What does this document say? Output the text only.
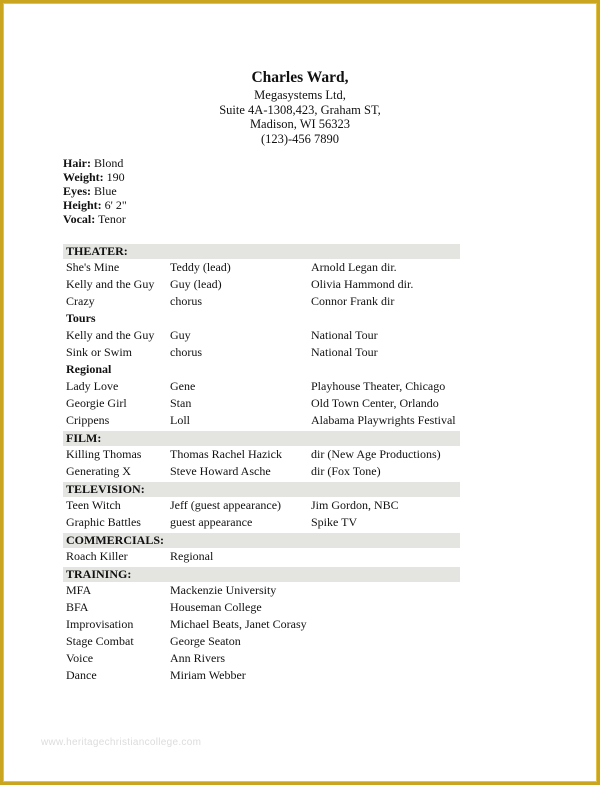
Charles Ward,
Megasystems Ltd,
Suite 4A-1308,423, Graham ST,
Madison, WI 56323
(123)-456 7890
Hair: Blond
Weight: 190
Eyes: Blue
Height: 6' 2"
Vocal: Tenor
THEATER:
She's Mine	Teddy (lead)	Arnold Legan dir.
Kelly and the Guy	Guy (lead)	Olivia Hammond dir.
Crazy	chorus	Connor Frank dir
Tours
Kelly and the Guy	Guy	National Tour
Sink or Swim	chorus	National Tour
Regional
Lady Love	Gene	Playhouse Theater, Chicago
Georgie Girl	Stan	Old Town Center, Orlando
Crippens	Loll	Alabama Playwrights Festival
FILM:
Killing Thomas	Thomas Rachel Hazick	dir (New Age Productions)
Generating X	Steve Howard Asche	dir (Fox Tone)
TELEVISION:
Teen Witch	Jeff (guest appearance)	Jim Gordon, NBC
Graphic Battles	guest appearance	Spike TV
COMMERCIALS:
Roach Killer	Regional
TRAINING:
MFA	Mackenzie University
BFA	Houseman College
Improvisation	Michael Beats, Janet Corasy
Stage Combat	George Seaton
Voice	Ann Rivers
Dance	Miriam Webber
www.heritagechristiancollege.com
